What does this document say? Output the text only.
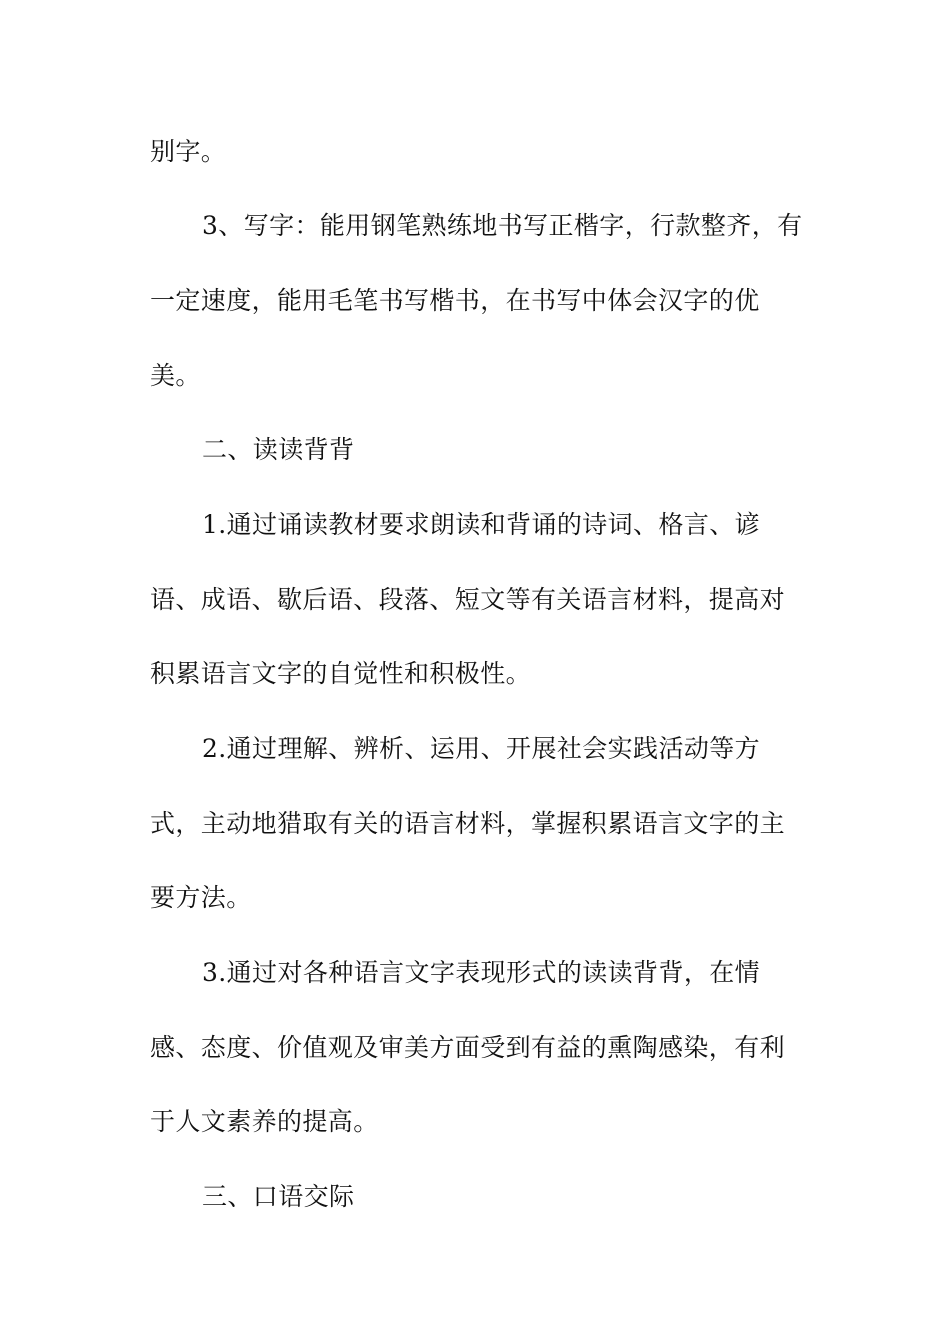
别字。
3、写字：能用钢笔熟练地书写正楷字，行款整齐，有
一定速度，能用毛笔书写楷书，在书写中体会汉字的优
美。
二、读读背背
1.通过诵读教材要求朗读和背诵的诗词、格言、谚
语、成语、歇后语、段落、短文等有关语言材料，提高对
积累语言文字的自觉性和积极性。
2.通过理解、辨析、运用、开展社会实践活动等方
式，主动地猎取有关的语言材料，掌握积累语言文字的主
要方法。
3.通过对各种语言文字表现形式的读读背背，在情
感、态度、价值观及审美方面受到有益的熏陶感染，有利
于人文素养的提高。
三、口语交际
